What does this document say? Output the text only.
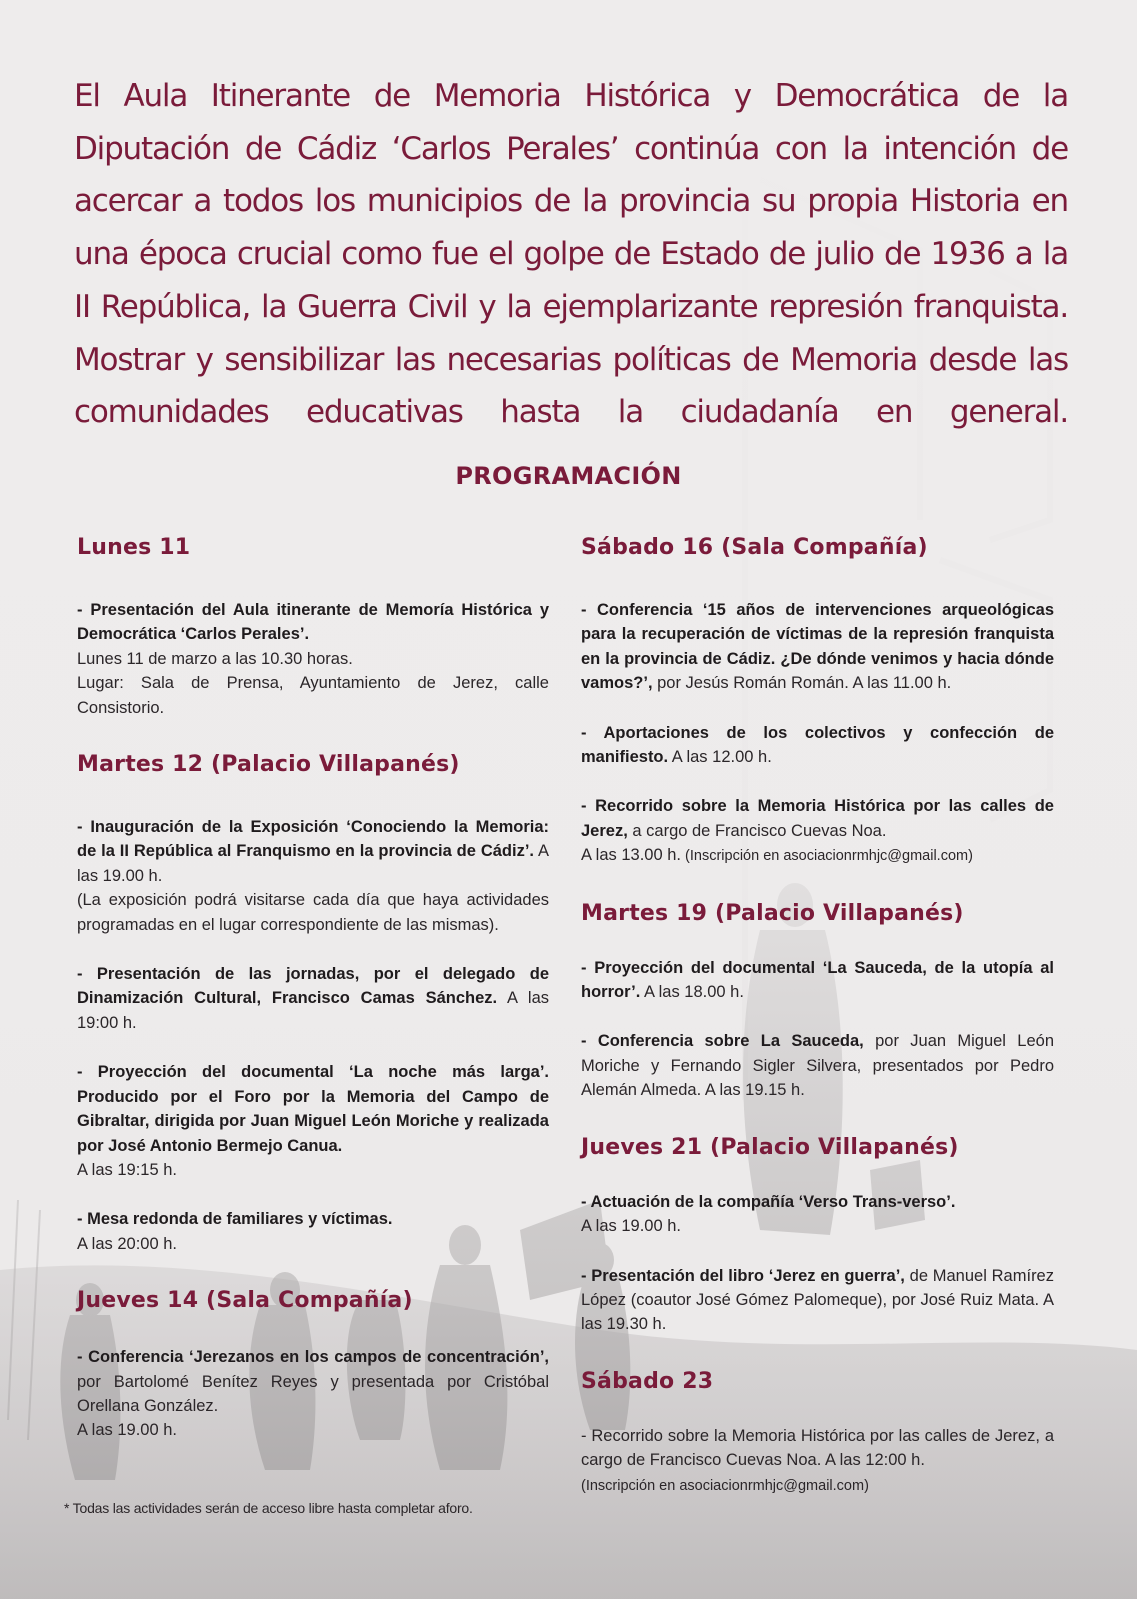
El Aula Itinerante de Memoria Histórica y Democrática de la Diputación de Cádiz ‘Carlos Perales’ continúa con la intención de acercar a todos los municipios de la provincia su propia Historia en una época crucial como fue el golpe de Estado de julio de 1936 a la II República, la Guerra Civil y la ejemplarizante represión franquista. Mostrar y sensibilizar las necesarias políticas de Memoria desde las comunidades educativas hasta la ciudadanía en general.

PROGRAMACIÓN
Lunes 11

- Presentación del Aula itinerante de Memoría Histórica y Democrática ‘Carlos Perales’.
Lunes 11 de marzo a las 10.30 horas.
Lugar: Sala de Prensa, Ayuntamiento de Jerez, calle Consistorio.

Martes 12 (Palacio Villapanés)

- Inauguración de la Exposición ‘Conociendo la Memoria: de la II República al Franquismo en la provincia de Cádiz’. A las 19.00 h.
(La exposición podrá visitarse cada día que haya actividades programadas en el lugar correspondiente de las mismas).

- Presentación de las jornadas, por el delegado de Dinamización Cultural, Francisco Camas Sánchez. A las 19:00 h.

- Proyección del documental ‘La noche más larga’. Producido por el Foro por la Memoria del Campo de Gibraltar, dirigida por Juan Miguel León Moriche y realizada por José Antonio Bermejo Canua.
A las 19:15 h.

- Mesa redonda de familiares y víctimas.
A las 20:00 h.

Jueves 14 (Sala Compañía)

- Conferencia ‘Jerezanos en los campos de concentración’, por Bartolomé Benítez Reyes y presentada por Cristóbal Orellana González.
A las 19.00 h.

* Todas las actividades serán de acceso libre hasta completar aforo.

Sábado 16 (Sala Compañía)

- Conferencia ‘15 años de intervenciones arqueológicas para la recuperación de víctimas de la represión franquista en la provincia de Cádiz. ¿De dónde venimos y hacia dónde vamos?’, por Jesús Román Román. A las 11.00 h.

- Aportaciones de los colectivos y confección de manifiesto. A las 12.00 h.

- Recorrido sobre la Memoria Histórica por las calles de Jerez, a cargo de Francisco Cuevas Noa.
A las 13.00 h. (Inscripción en asociacionrmhjc@gmail.com)

Martes 19 (Palacio Villapanés)

- Proyección del documental ‘La Sauceda, de la utopía al horror’. A las 18.00 h.

- Conferencia sobre La Sauceda, por Juan Miguel León Moriche y Fernando Sigler Silvera, presentados por Pedro Alemán Almeda. A las 19.15 h.

Jueves 21 (Palacio Villapanés)

- Actuación de la compañía ‘Verso Trans-verso’.
A las 19.00 h.

- Presentación del libro ‘Jerez en guerra’, de Manuel Ramírez López (coautor José Gómez Palomeque), por José Ruiz Mata. A las 19.30 h.

Sábado 23

- Recorrido sobre la Memoria Histórica por las calles de Jerez, a cargo de Francisco Cuevas Noa. A las 12:00 h.
(Inscripción en asociacionrmhjc@gmail.com)
